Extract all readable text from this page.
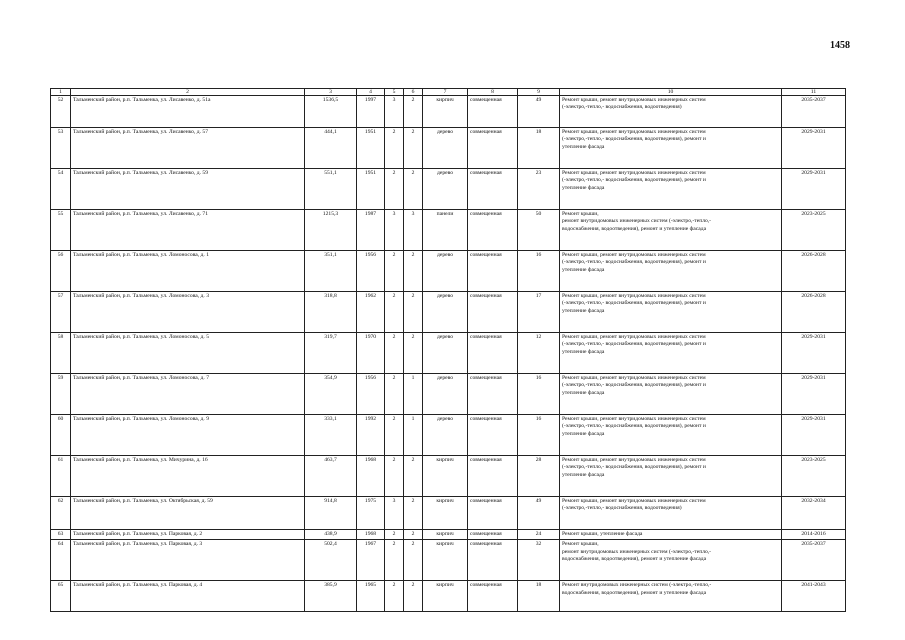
1458
1	2	3	4	5	6	7	8	9	10	11
52	Тальменский район, р.п. Тальменка, ул. Лисавенко, д. 51а	1536,5	1997	3	2	кирпич	совмещенная	49	Ремонт крыши, ремонт внутридомовых инженерных систем
(-электро,-тепло,- водоснабжения, водоотведения)	2035-2037
53	Тальменский район, р.п. Тальменка, ул. Лисавенко, д. 57	444,1	1951	2	2	дерево	совмещенная	18	Ремонт крыши, ремонт внутридомовых инженерных систем
(-электро,-тепло,- водоснабжения, водоотведения), ремонт и
утепление фасада	2029-2031
54	Тальменский район, р.п. Тальменка, ул. Лисавенко, д. 59	551,1	1951	2	2	дерево	совмещенная	23	Ремонт крыши, ремонт внутридомовых инженерных систем
(-электро,-тепло,- водоснабжения, водоотведения), ремонт и
утепление фасада	2029-2031
55	Тальменский район, р.п. Тальменка, ул. Лисавенко, д. 71	1215,3	1987	3	3	панели	совмещенная	50	Ремонт крыши,
ремонт внутридомовых инженерных систем (-электро,-тепло,-
водоснабжения, водоотведения), ремонт и утепление фасада	2023-2025
56	Тальменский район, р.п. Тальменка, ул. Ломоносова, д. 1	351,1	1956	2	2	дерево	совмещенная	16	Ремонт крыши, ремонт внутридомовых инженерных систем
(-электро,-тепло,- водоснабжения, водоотведения), ремонт и
утепление фасада	2026-2028
57	Тальменский район, р.п. Тальменка, ул. Ломоносова, д. 3	318,8	1962	2	2	дерево	совмещенная	17	Ремонт крыши, ремонт внутридомовых инженерных систем
(-электро,-тепло,- водоснабжения, водоотведения), ремонт и
утепление фасада	2026-2028
58	Тальменский район, р.п. Тальменка, ул. Ломоносова, д. 5	319,7	1970	2	2	дерево	совмещенная	12	Ремонт крыши, ремонт внутридомовых инженерных систем
(-электро,-тепло,- водоснабжения, водоотведения), ремонт и
утепление фасада	2029-2031
59	Тальменский район, р.п. Тальменка, ул. Ломоносова, д. 7	354,9	1956	2	1	дерево	совмещенная	16	Ремонт крыши, ремонт внутридомовых инженерных систем
(-электро,-тепло,- водоснабжения, водоотведения), ремонт и
утепление фасада	2029-2031
60	Тальменский район, р.п. Тальменка, ул. Ломоносова, д. 9	333,1	1992	2	1	дерево	совмещенная	16	Ремонт крыши, ремонт внутридомовых инженерных систем
(-электро,-тепло,- водоснабжения, водоотведения), ремонт и
утепление фасада	2029-2031
61	Тальменский район, р.п. Тальменка, ул. Мичурина, д. 16	463,7	1968	2	2	кирпич	совмещенная	28	Ремонт крыши, ремонт внутридомовых инженерных систем
(-электро,-тепло,- водоснабжения, водоотведения), ремонт и
утепление фасада	2023-2025
62	Тальменский район, р.п. Тальменка, ул. Октябрьская, д. 59	914,8	1975	3	2	кирпич	совмещенная	49	Ремонт крыши, ремонт внутридомовых инженерных систем
(-электро,-тепло,- водоснабжения, водоотведения)	2032-2034
63	Тальменский район, р.п. Тальменка, ул. Парковая, д. 2	438,9	1968	2	2	кирпич	совмещенная	24	Ремонт крыши, утепление фасада	2014-2016
64	Тальменский район, р.п. Тальменка, ул. Парковая, д. 3	502,4	1967	2	2	кирпич	совмещенная	32	Ремонт крыши,
ремонт внутридомовых инженерных систем (-электро,-тепло,-
водоснабжения, водоотведения), ремонт и утепление фасада	2035-2037
65	Тальменский район, р.п. Тальменка, ул. Парковая, д. 4	385,9	1965	2	2	кирпич	совмещенная	18	Ремонт внутридомовых инженерных систем (-электро,-тепло,-
водоснабжения, водоотведения), ремонт и утепление фасада	2041-2043
